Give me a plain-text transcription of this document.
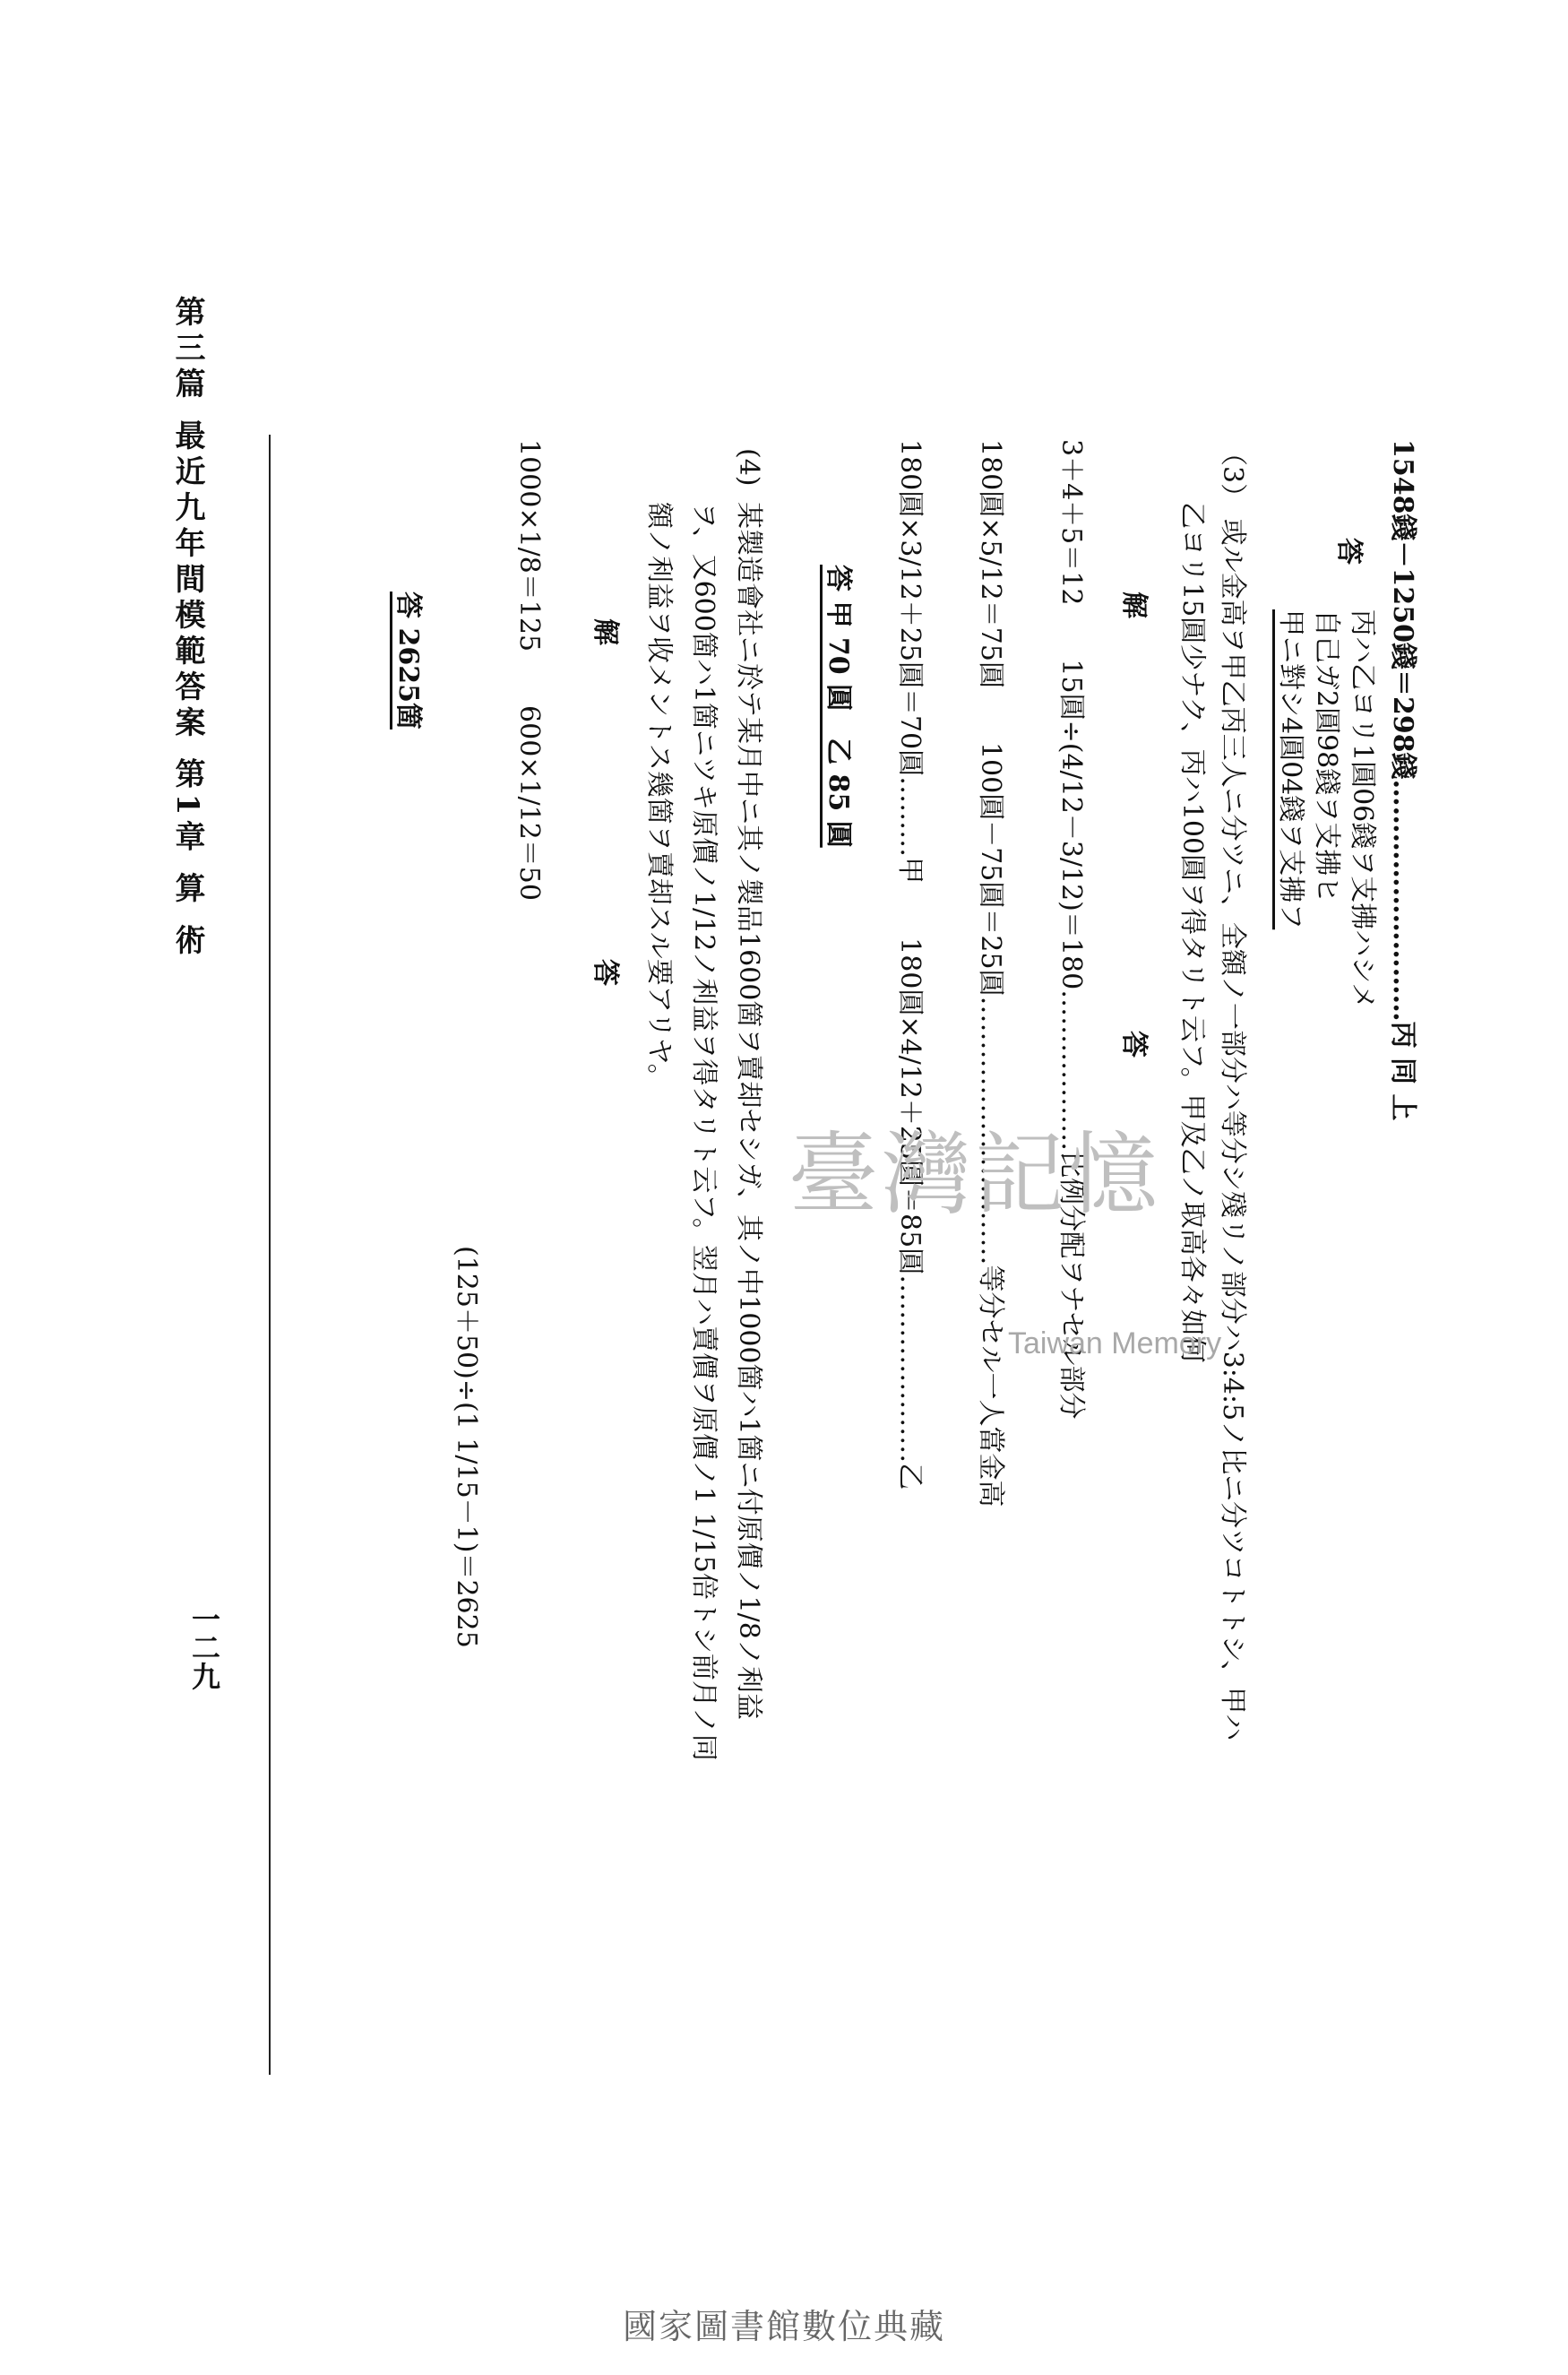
第三篇 最近九年間模範答案 第1章 算 術	1548錢－1250錢＝298錢………………………丙 同 上
答
丙ハ乙ヨリ1圓06錢ヲ支拂ハシメ
自己ガ2圓98錢ヲ支拂ヒ
甲ニ對シ4圓04錢ヲ支拂フ
（3） 或ル金高ヲ甲乙丙三人ニ分ツニ、全額ノ一部分ハ等分シ殘リノ部分ハ3:4:5ノ比ニ分ツコトトシ、甲ハ
乙ヨリ15圓少ナク、丙ハ100圓ヲ得タリト云フ。甲及乙ノ取高各々如何
解
答
3＋4＋5＝12　　15圓÷(4/12－3/12)＝180………………比例分配ヲナセル部分
180圓×5/12＝75圓　　100圓－75圓＝25圓…………………………等分セル一人當金高
180圓×3/12＋25圓＝70圓………甲　　180圓×4/12＋25圓＝85圓…………………乙
答 甲 70 圓　乙 85 圓
(4)
某製造會社ニ於テ某月中ニ其ノ製品1600箇ヲ賣却セシガ、其ノ中1000箇ハ1箇ニ付原價ノ1/8ノ利益
ヲ、又600箇ハ1箇ニツキ原價ノ1/12ノ利益ヲ得タリト云フ。翌月ハ賣價ヲ原價ノ1 1/15倍トシ前月ノ同
額ノ利益ヲ收メントス幾箇ヲ賣却スル要アリヤ。
解
答
1000×1/8＝125　　600×1/12＝50
(125＋50)÷(1 1/15－1)＝2625
答 2625箇
一二九
臺灣記憶
Taiwan Memory
國家圖書館數位典藏
